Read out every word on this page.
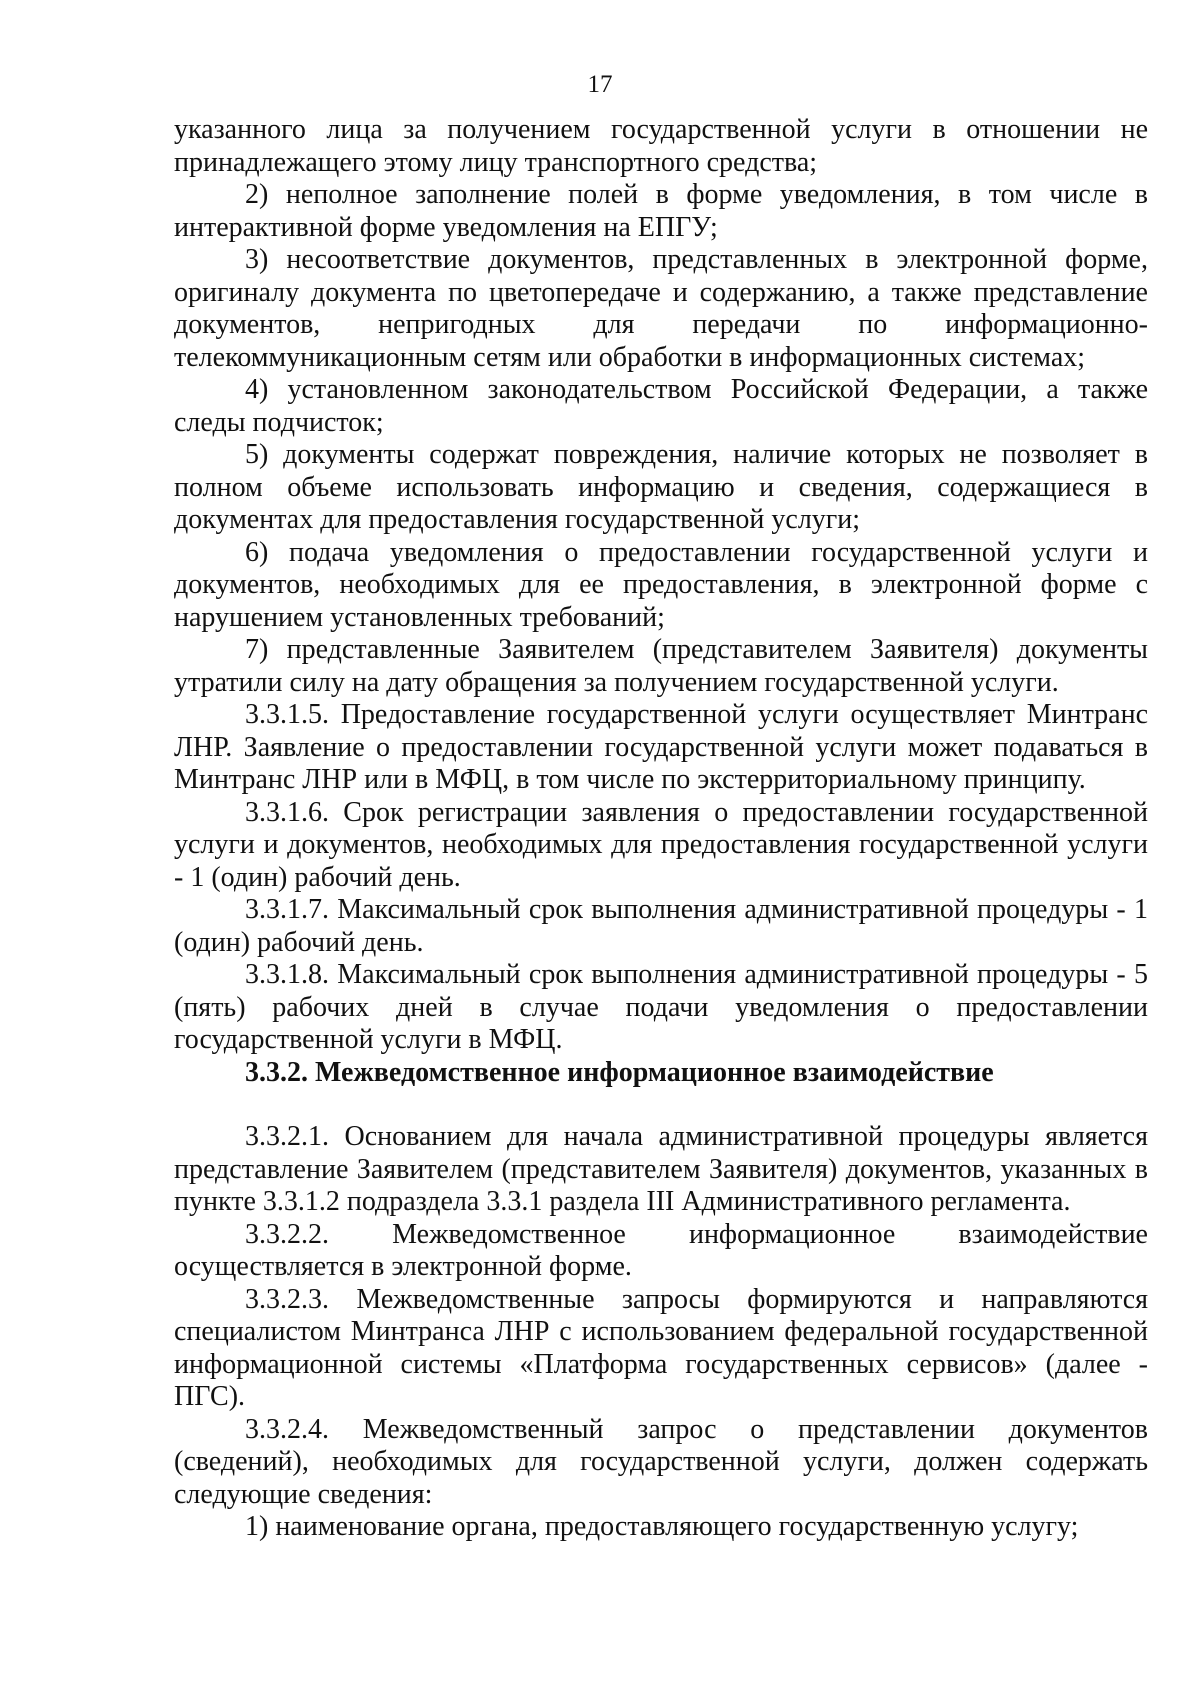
17

указанного лица за получением государственной услуги в отношении не принадлежащего этому лицу транспортного средства;

2) неполное заполнение полей в форме уведомления, в том числе в интерактивной форме уведомления на ЕПГУ;

3) несоответствие документов, представленных в электронной форме, оригиналу документа по цветопередаче и содержанию, а также представление документов, непригодных для передачи по информационно-телекоммуникационным сетям или обработки в информационных системах;

4) установленном законодательством Российской Федерации, а также следы подчисток;

5) документы содержат повреждения, наличие которых не позволяет в полном объеме использовать информацию и сведения, содержащиеся в документах для предоставления государственной услуги;

6) подача уведомления о предоставлении государственной услуги и документов, необходимых для ее предоставления, в электронной форме с нарушением установленных требований;

7) представленные Заявителем (представителем Заявителя) документы утратили силу на дату обращения за получением государственной услуги.

3.3.1.5. Предоставление государственной услуги осуществляет Минтранс ЛНР. Заявление о предоставлении государственной услуги может подаваться в Минтранс ЛНР или в МФЦ, в том числе по экстерриториальному принципу.

3.3.1.6. Срок регистрации заявления о предоставлении государственной услуги и документов, необходимых для предоставления государственной услуги - 1 (один) рабочий день.

3.3.1.7. Максимальный срок выполнения административной процедуры - 1 (один) рабочий день.

3.3.1.8. Максимальный срок выполнения административной процедуры - 5 (пять) рабочих дней в случае подачи уведомления о предоставлении государственной услуги в МФЦ.

3.3.2. Межведомственное информационное взаимодействие

3.3.2.1. Основанием для начала административной процедуры является представление Заявителем (представителем Заявителя) документов, указанных в пункте 3.3.1.2 подраздела 3.3.1 раздела III Административного регламента.

3.3.2.2. Межведомственное информационное взаимодействие осуществляется в электронной форме.

3.3.2.3. Межведомственные запросы формируются и направляются специалистом Минтранса ЛНР с использованием федеральной государственной информационной системы «Платформа государственных сервисов» (далее - ПГС).

3.3.2.4. Межведомственный запрос о представлении документов (сведений), необходимых для государственной услуги, должен содержать следующие сведения:

1) наименование органа, предоставляющего государственную услугу;
